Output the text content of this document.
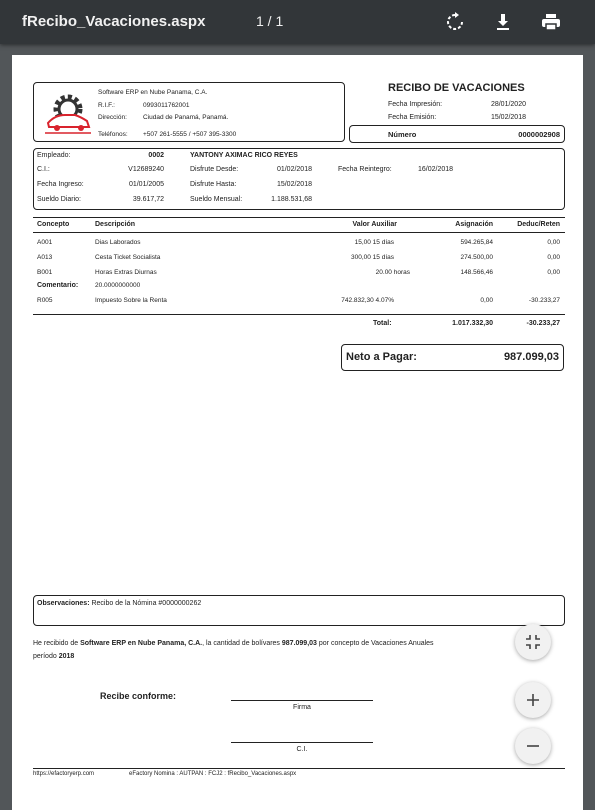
fRecibo_Vacaciones.aspx	1 / 1
Software ERP en Nube Panama, C.A.
R.I.F.:	0993011762001
Dirección: Ciudad de Panamá, Panamá.
Teléfonos: +507 261-5555 / +507 395-3300
RECIBO DE VACACIONES
Fecha Impresión:	28/01/2020
Fecha Emisión:	15/02/2018
Número	0000002908
Empleado:	0002	YANTONY AXIMAC RICO REYES
C.I.:	V12689240	Disfrute Desde:	01/02/2018	Fecha Reintegro:	16/02/2018
Fecha Ingreso:	01/01/2005	Disfrute Hasta:	15/02/2018
Sueldo Diario:	39.617,72	Sueldo Mensual:	1.188.531,68
Concepto	Descripción	Valor Auxiliar	Asignación	Deduc/Reten
A001	Dias Laborados	15,00 15 días	594.265,84	0,00
A013	Cesta Ticket Socialista	300,00 15 días	274.500,00	0,00
B001	Horas Extras Diurnas	20.00 horas	148.566,46	0,00
Comentario:	20.0000000000
R005	Impuesto Sobre la Renta	742.832,30 4.07%	0,00	-30.233,27
Total:	1.017.332,30	-30.233,27
Neto a Pagar:	987.099,03
Observaciones: Recibo de la Nómina #0000000262
He recibido de Software ERP en Nube Panama, C.A., la cantidad de bolívares 987.099,03 por concepto de Vacaciones Anuales
período 2018
Recibe conforme:
Firma
C.I.
https://efactoryerp.com	eFactory Nomina : AUTPAN : FCJ2 : fRecibo_Vacaciones.aspx
